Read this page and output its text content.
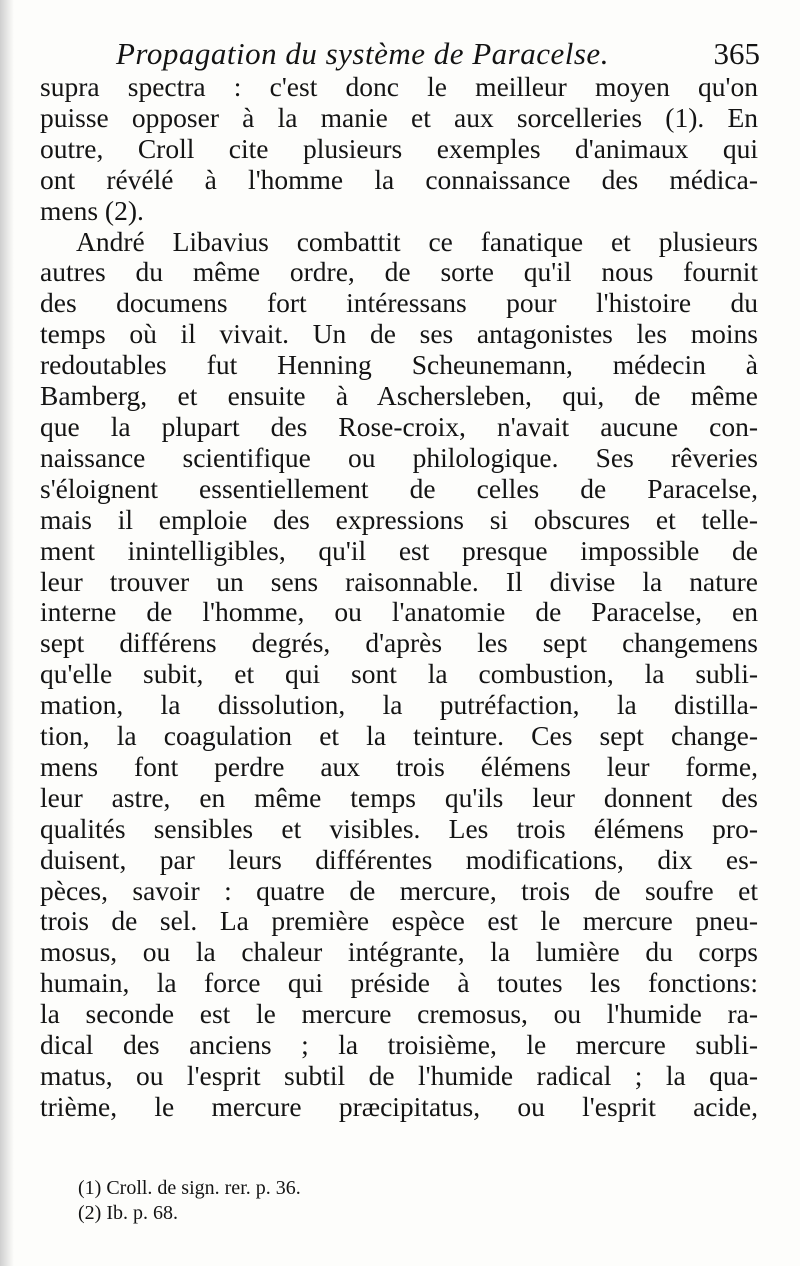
Propagation du système de Paracelse.	365
supra spectra : c'est donc le meilleur moyen qu'on
puisse opposer à la manie et aux sorcelleries (1). En
outre, Croll cite plusieurs exemples d'animaux qui
ont révélé à l'homme la connaissance des médica-
mens (2).
André Libavius combattit ce fanatique et plusieurs
autres du même ordre, de sorte qu'il nous fournit
des documens fort intéressans pour l'histoire du
temps où il vivait. Un de ses antagonistes les moins
redoutables fut Henning Scheunemann, médecin à
Bamberg, et ensuite à Aschersleben, qui, de même
que la plupart des Rose-croix, n'avait aucune con-
naissance scientifique ou philologique. Ses rêveries
s'éloignent essentiellement de celles de Paracelse,
mais il emploie des expressions si obscures et telle-
ment inintelligibles, qu'il est presque impossible de
leur trouver un sens raisonnable. Il divise la nature
interne de l'homme, ou l'anatomie de Paracelse, en
sept différens degrés, d'après les sept changemens
qu'elle subit, et qui sont la combustion, la subli-
mation, la dissolution, la putréfaction, la distilla-
tion, la coagulation et la teinture. Ces sept change-
mens font perdre aux trois élémens leur forme,
leur astre, en même temps qu'ils leur donnent des
qualités sensibles et visibles. Les trois élémens pro-
duisent, par leurs différentes modifications, dix es-
pèces, savoir : quatre de mercure, trois de soufre et
trois de sel. La première espèce est le mercure pneu-
mosus, ou la chaleur intégrante, la lumière du corps
humain, la force qui préside à toutes les fonctions:
la seconde est le mercure cremosus, ou l'humide ra-
dical des anciens ; la troisième, le mercure subli-
matus, ou l'esprit subtil de l'humide radical ; la qua-
trième, le mercure præcipitatus, ou l'esprit acide,
(1) Croll. de sign. rer. p. 36.
(2) Ib. p. 68.
